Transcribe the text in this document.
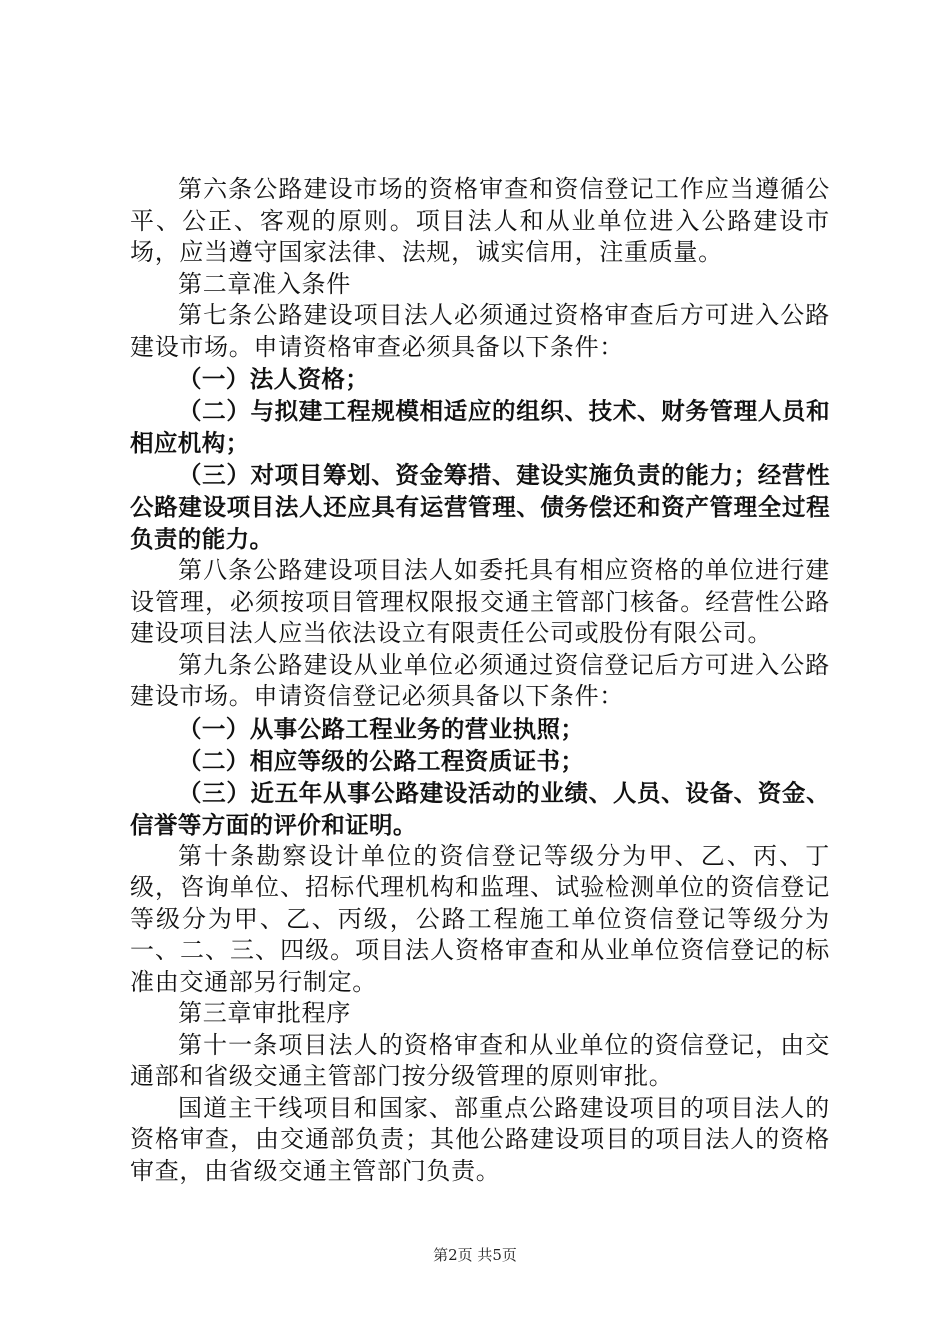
第六条公路建设市场的资格审查和资信登记工作应当遵循公平、公正、客观的原则。项目法人和从业单位进入公路建设市场，应当遵守国家法律、法规，诚实信用，注重质量。

第二章准入条件

第七条公路建设项目法人必须通过资格审查后方可进入公路建设市场。申请资格审查必须具备以下条件：

（一）法人资格；

（二）与拟建工程规模相适应的组织、技术、财务管理人员和相应机构；

（三）对项目筹划、资金筹措、建设实施负责的能力；经营性公路建设项目法人还应具有运营管理、债务偿还和资产管理全过程负责的能力。

第八条公路建设项目法人如委托具有相应资格的单位进行建设管理，必须按项目管理权限报交通主管部门核备。经营性公路建设项目法人应当依法设立有限责任公司或股份有限公司。

第九条公路建设从业单位必须通过资信登记后方可进入公路建设市场。申请资信登记必须具备以下条件：

（一）从事公路工程业务的营业执照；

（二）相应等级的公路工程资质证书；

（三）近五年从事公路建设活动的业绩、人员、设备、资金、信誉等方面的评价和证明。

第十条勘察设计单位的资信登记等级分为甲、乙、丙、丁级，咨询单位、招标代理机构和监理、试验检测单位的资信登记等级分为甲、乙、丙级，公路工程施工单位资信登记等级分为一、二、三、四级。项目法人资格审查和从业单位资信登记的标准由交通部另行制定。

第三章审批程序

第十一条项目法人的资格审查和从业单位的资信登记，由交通部和省级交通主管部门按分级管理的原则审批。

国道主干线项目和国家、部重点公路建设项目的项目法人的资格审查，由交通部负责；其他公路建设项目的项目法人的资格审查，由省级交通主管部门负责。

第2页 共5页
